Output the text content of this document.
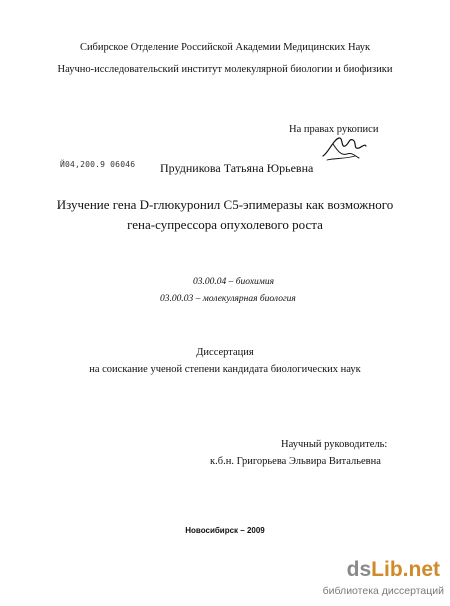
Сибирское Отделение Российской Академии Медицинских Наук
Научно-исследовательский институт молекулярной биологии и биофизики
На правах рукописи
Й04,200.9 06046 Прудникова Татьяна Юрьевна
Изучение гена D-глюкуронил C5-эпимеразы как возможного
гена-супрессора опухолевого роста
03.00.04 – биохимия
03.00.03 – молекулярная биология
Диссертация
на соискание ученой степени кандидата биологических наук
Научный руководитель:
к.б.н. Григорьева Эльвира Витальевна
Новосибирск – 2009
dsLib.net
библиотека диссертаций
